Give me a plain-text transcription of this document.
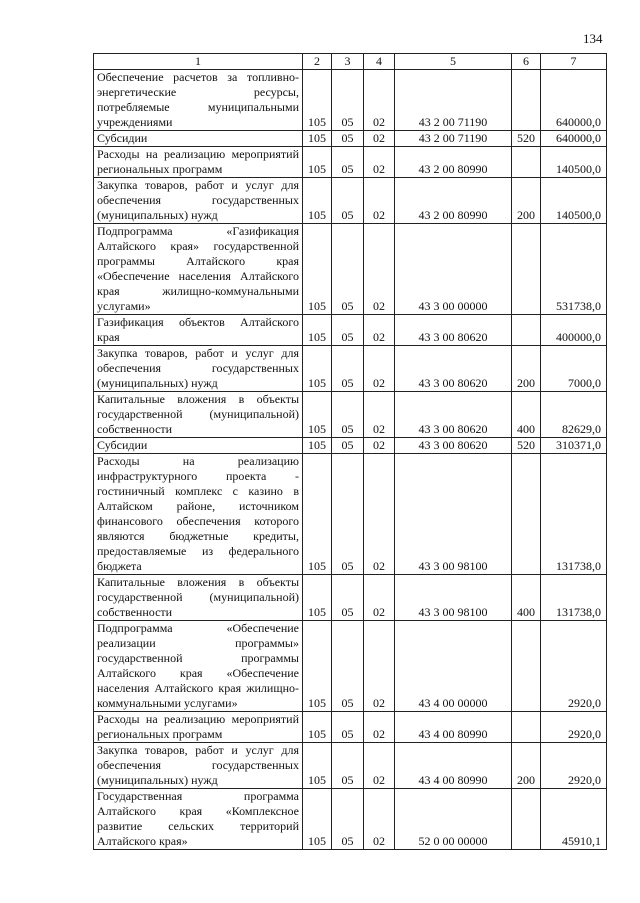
134
1	2	3	4	5	6	7
Обеспечение расчетов за топливно-энергетические ресурсы, потребляемые муниципальными учреждениями	105	05	02	43 2 00 71190		640000,0
Субсидии	105	05	02	43 2 00 71190	520	640000,0
Расходы на реализацию мероприятий региональных программ	105	05	02	43 2 00 80990		140500,0
Закупка товаров, работ и услуг для обеспечения государственных (муниципальных) нужд	105	05	02	43 2 00 80990	200	140500,0
Подпрограмма «Газификация Алтайского края» государственной программы Алтайского края «Обеспечение населения Алтайского края жилищно-коммунальными услугами»	105	05	02	43 3 00 00000		531738,0
Газификация объектов Алтайского края	105	05	02	43 3 00 80620		400000,0
Закупка товаров, работ и услуг для обеспечения государственных (муниципальных) нужд	105	05	02	43 3 00 80620	200	7000,0
Капитальные вложения в объекты государственной (муниципальной) собственности	105	05	02	43 3 00 80620	400	82629,0
Субсидии	105	05	02	43 3 00 80620	520	310371,0
Расходы на реализацию инфраструктурного проекта - гостиничный комплекс с казино в Алтайском районе, источником финансового обеспечения которого являются бюджетные кредиты, предоставляемые из федерального бюджета	105	05	02	43 3 00 98100		131738,0
Капитальные вложения в объекты государственной (муниципальной) собственности	105	05	02	43 3 00 98100	400	131738,0
Подпрограмма «Обеспечение реализации программы» государственной программы Алтайского края «Обеспечение населения Алтайского края жилищно-коммунальными услугами»	105	05	02	43 4 00 00000		2920,0
Расходы на реализацию мероприятий региональных программ	105	05	02	43 4 00 80990		2920,0
Закупка товаров, работ и услуг для обеспечения государственных (муниципальных) нужд	105	05	02	43 4 00 80990	200	2920,0
Государственная программа Алтайского края «Комплексное развитие сельских территорий Алтайского края»	105	05	02	52 0 00 00000		45910,1
